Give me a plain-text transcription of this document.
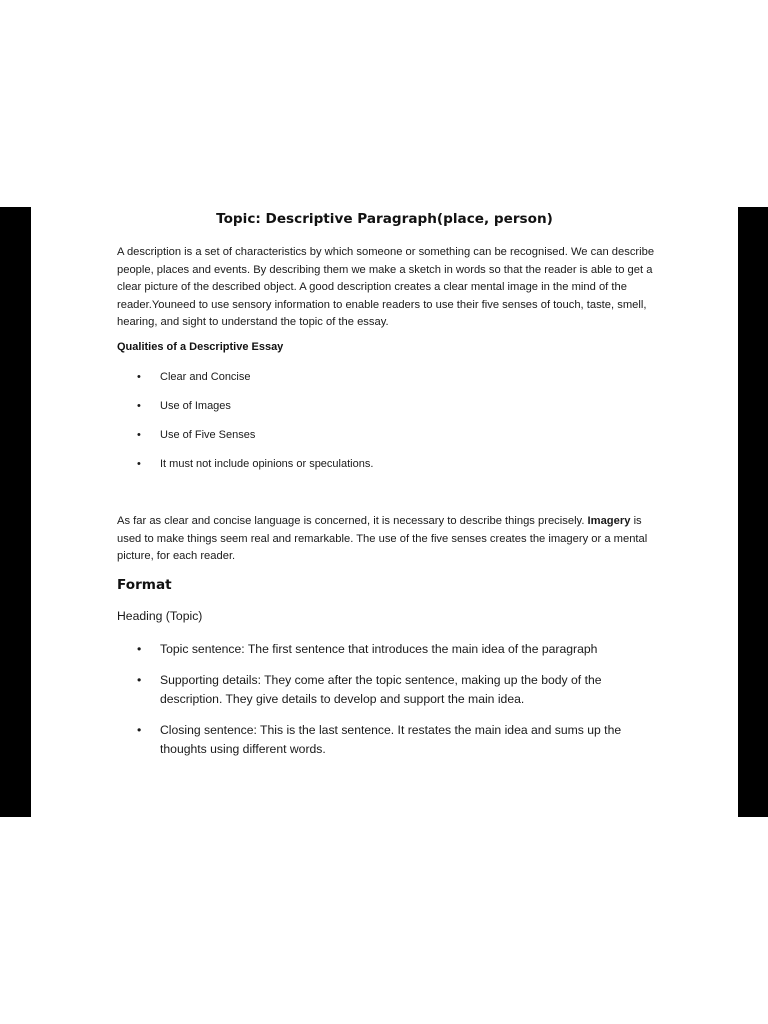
Topic: Descriptive Paragraph(place, person)

A description is a set of characteristics by which someone or something can be recognised. We can describe people, places and events. By describing them we make a sketch in words so that the reader is able to get a clear picture of the described object. A good description creates a clear mental image in the mind of the reader.Youneed to use sensory information to enable readers to use their five senses of touch, taste, smell, hearing, and sight to understand the topic of the essay.

Qualities of a Descriptive Essay
• Clear and Concise
• Use of Images
• Use of Five Senses
• It must not include opinions or speculations.

As far as clear and concise language is concerned, it is necessary to describe things precisely. Imagery is used to make things seem real and remarkable. The use of the five senses creates the imagery or a mental picture, for each reader.

Format

Heading (Topic)

• Topic sentence: The first sentence that introduces the main idea of the paragraph
• Supporting details: They come after the topic sentence, making up the body of the description. They give details to develop and support the main idea.
• Closing sentence: This is the last sentence. It restates the main idea and sums up the thoughts using different words.
